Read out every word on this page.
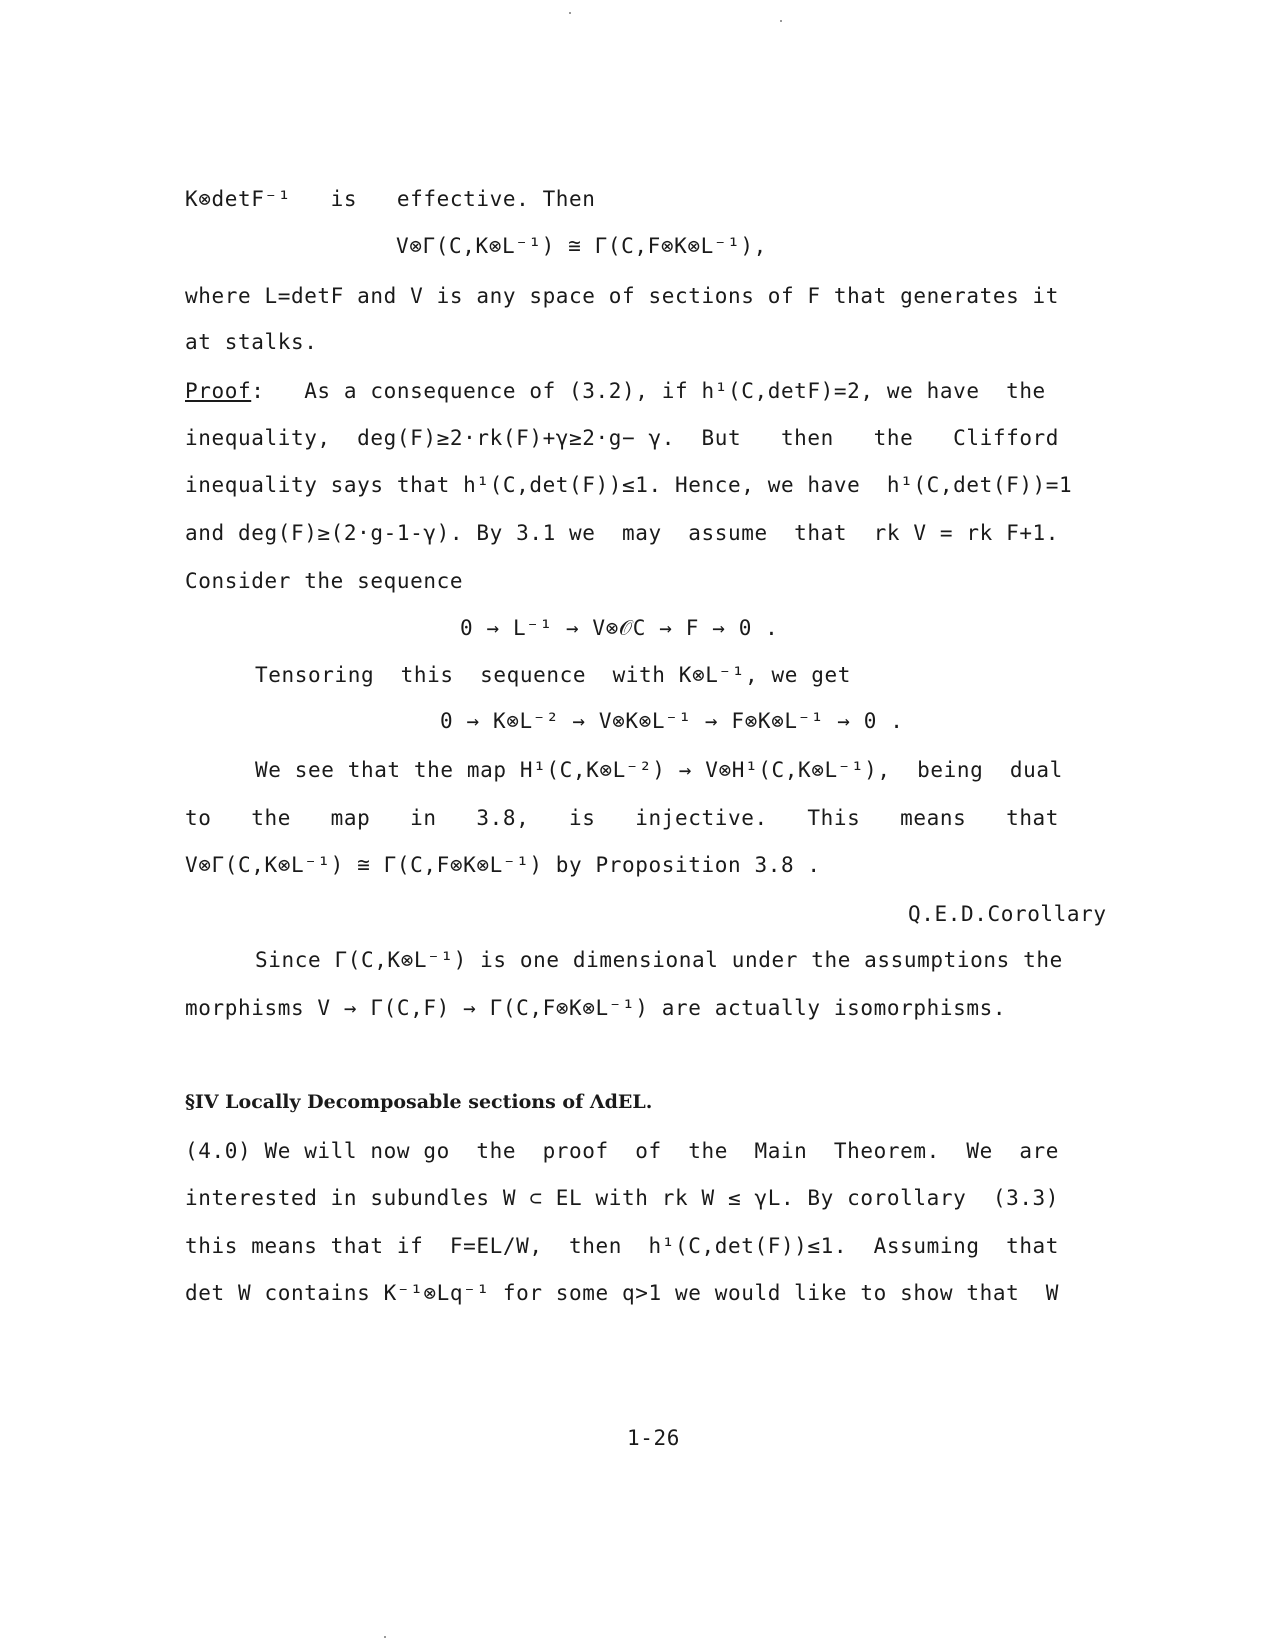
K⊗detF⁻¹   is   effective. Then
V⊗Γ(C,K⊗L⁻¹) ≅ Γ(C,F⊗K⊗L⁻¹),
where L=detF and V is any space of sections of F that generates it
at stalks.
Proof:   As a consequence of (3.2), if h¹(C,detF)=2, we have  the
inequality,  deg(F)≥2·rk(F)+γ≥2·g− γ.  But   then   the   Clifford
inequality says that h¹(C,det(F))≤1. Hence, we have  h¹(C,det(F))=1
and deg(F)≥(2·g-1-γ). By 3.1 we  may  assume  that  rk V = rk F+1.
Consider the sequence
0 → L⁻¹ → V⊗𝒪C → F → 0 .
Tensoring  this  sequence  with K⊗L⁻¹, we get
0 → K⊗L⁻² → V⊗K⊗L⁻¹ → F⊗K⊗L⁻¹ → 0 .
We see that the map H¹(C,K⊗L⁻²) → V⊗H¹(C,K⊗L⁻¹),  being  dual
to   the   map   in   3.8,   is   injective.   This   means   that
V⊗Γ(C,K⊗L⁻¹) ≅ Γ(C,F⊗K⊗L⁻¹) by Proposition 3.8 .
Q.E.D.Corollary
Since Γ(C,K⊗L⁻¹) is one dimensional under the assumptions the
morphisms V → Γ(C,F) → Γ(C,F⊗K⊗L⁻¹) are actually isomorphisms.
§IV Locally Decomposable sections of ΛdEL.
(4.0) We will now go  the  proof  of  the  Main  Theorem.  We  are
interested in subundles W ⊂ EL with rk W ≤ γL. By corollary  (3.3)
this means that if  F=EL/W,  then  h¹(C,det(F))≤1.  Assuming  that
det W contains K⁻¹⊗Lq⁻¹ for some q>1 we would like to show that  W
1-26
